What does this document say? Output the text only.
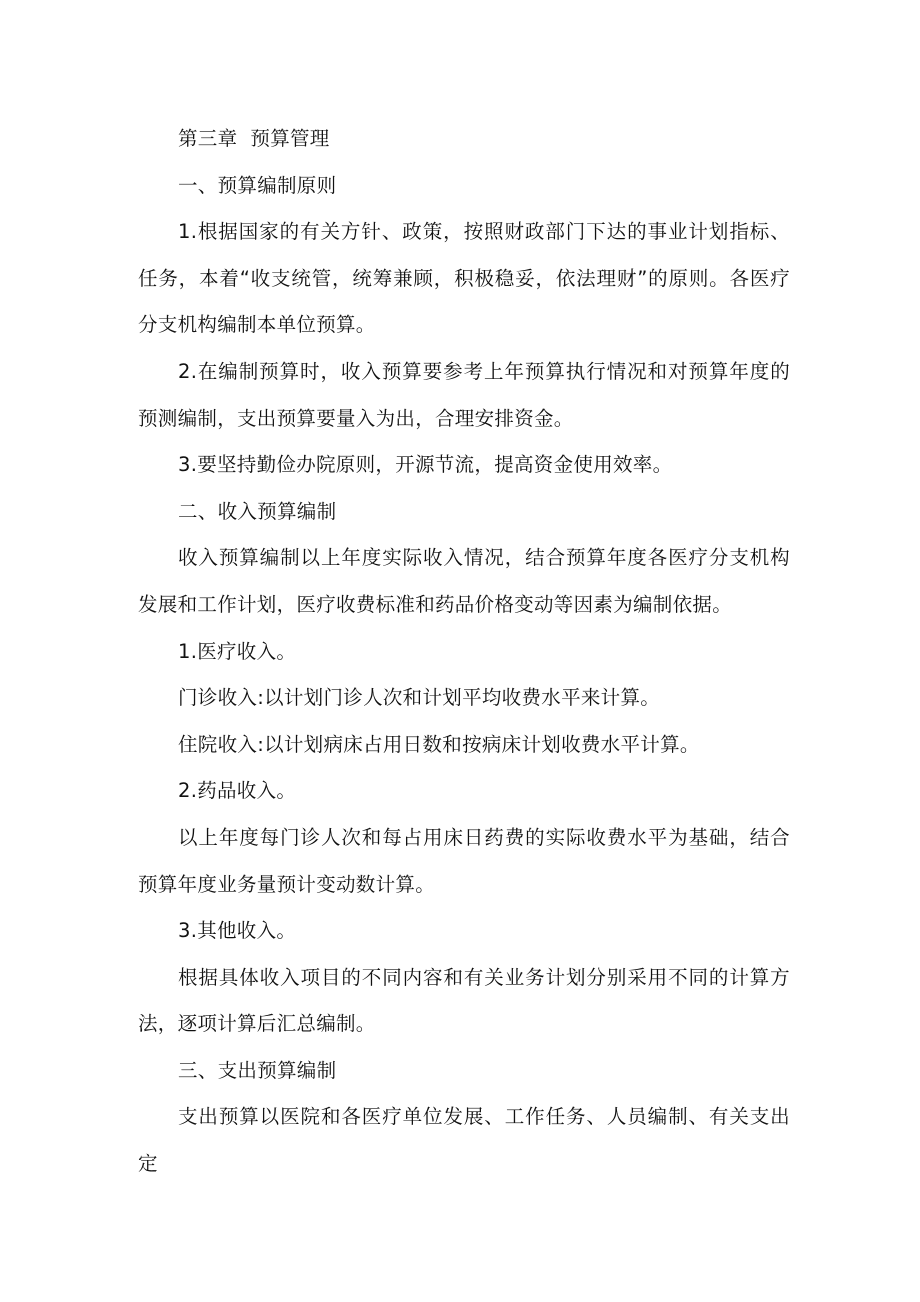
第三章  预算管理

一、预算编制原则

1.根据国家的有关方针、政策，按照财政部门下达的事业计划指标、任务，本着“收支统管，统筹兼顾，积极稳妥，依法理财”的原则。各医疗分支机构编制本单位预算。

2.在编制预算时，收入预算要参考上年预算执行情况和对预算年度的预测编制，支出预算要量入为出，合理安排资金。

3.要坚持勤俭办院原则，开源节流，提高资金使用效率。

二、收入预算编制

收入预算编制以上年度实际收入情况，结合预算年度各医疗分支机构发展和工作计划，医疗收费标准和药品价格变动等因素为编制依据。

1.医疗收入。

门诊收入:以计划门诊人次和计划平均收费水平来计算。

住院收入:以计划病床占用日数和按病床计划收费水平计算。

2.药品收入。

以上年度每门诊人次和每占用床日药费的实际收费水平为基础，结合预算年度业务量预计变动数计算。

3.其他收入。

根据具体收入项目的不同内容和有关业务计划分别采用不同的计算方法，逐项计算后汇总编制。

三、支出预算编制

支出预算以医院和各医疗单位发展、工作任务、人员编制、有关支出定
